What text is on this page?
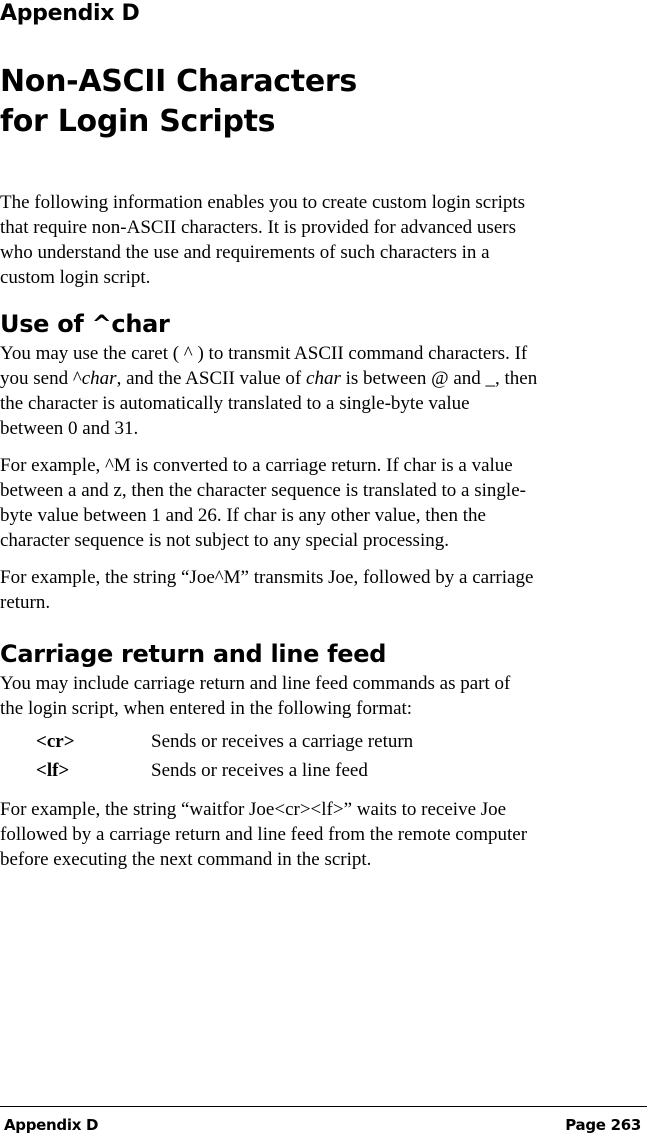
Appendix D
Non-ASCII Characters
for Login Scripts

The following information enables you to create custom login scripts
that require non-ASCII characters. It is provided for advanced users
who understand the use and requirements of such characters in a
custom login script.

Use of ^char

You may use the caret ( ^ ) to transmit ASCII command characters. If
you send ^char, and the ASCII value of char is between @ and _, then
the character is automatically translated to a single-byte value
between 0 and 31.

For example, ^M is converted to a carriage return. If char is a value
between a and z, then the character sequence is translated to a single-
byte value between 1 and 26. If char is any other value, then the
character sequence is not subject to any special processing.

For example, the string “Joe^M” transmits Joe, followed by a carriage
return.

Carriage return and line feed

You may include carriage return and line feed commands as part of
the login script, when entered in the following format:

<cr>	Sends or receives a carriage return
<lf>	Sends or receives a line feed

For example, the string “waitfor Joe<cr><lf>” waits to receive Joe
followed by a carriage return and line feed from the remote computer
before executing the next command in the script.

Appendix D	Page 263
